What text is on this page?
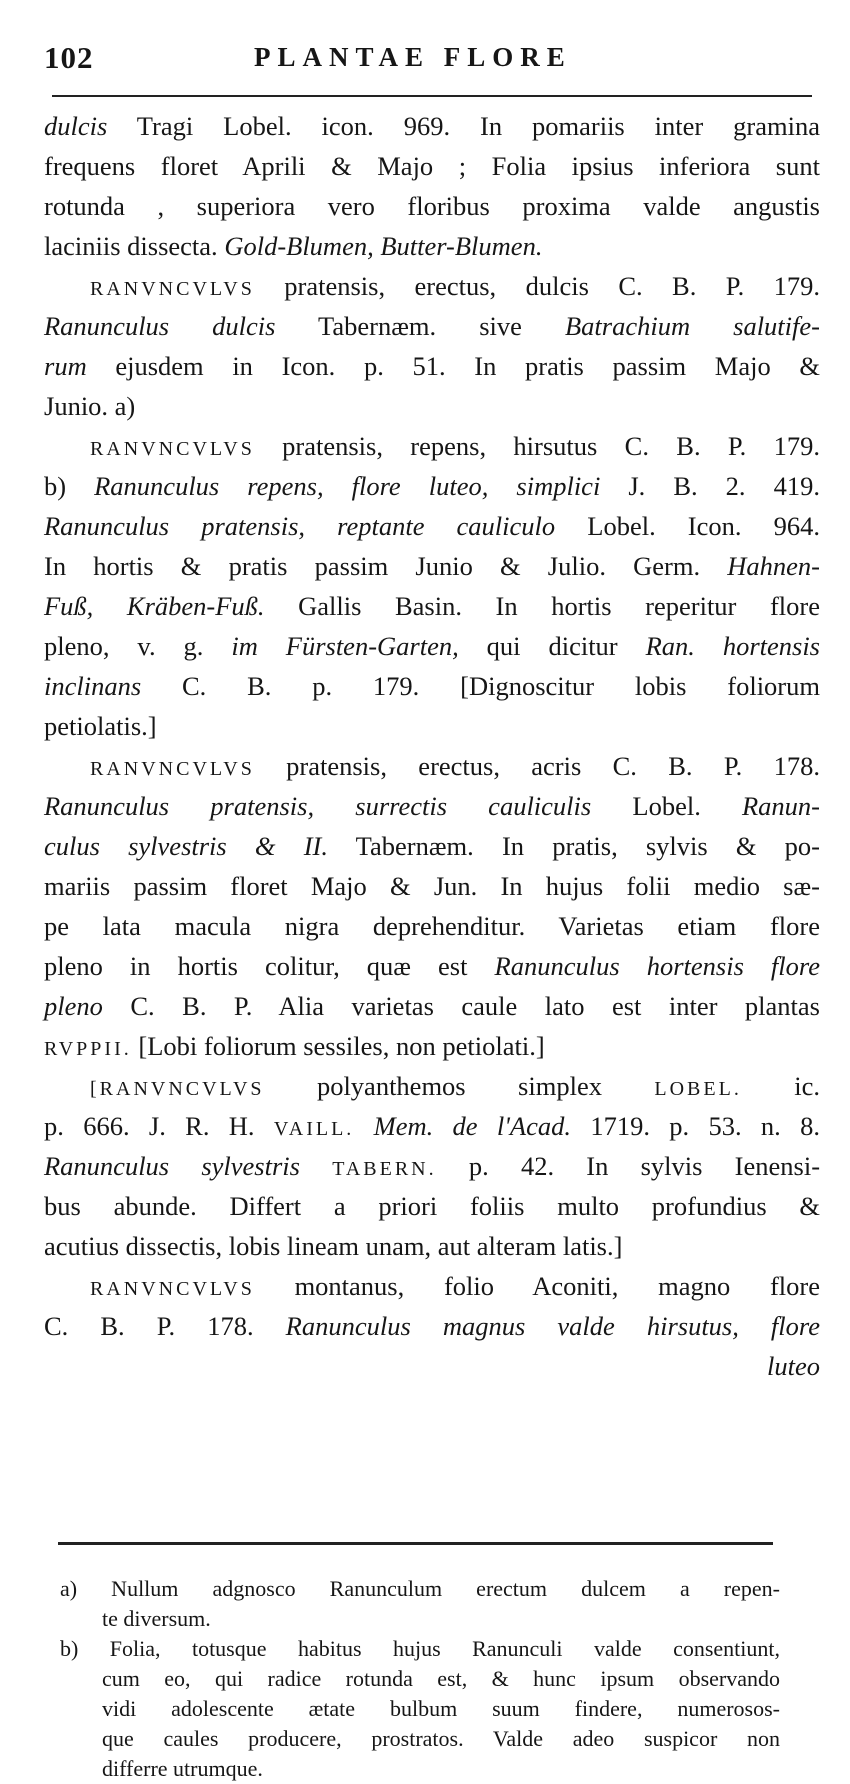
102	PLANTAE FLORE
dulcis Tragi Lobel. icon. 969. In pomariis inter gramina
frequens floret Aprili & Majo ; Folia ipsius inferiora sunt
rotunda , superiora vero floribus proxima valde angustis
laciniis dissecta. Gold-Blumen, Butter-Blumen.
RANVNCVLVS pratensis, erectus, dulcis C. B. P. 179.
Ranunculus dulcis Tabernæm. sive Batrachium salutife-
rum ejusdem in Icon. p. 51. In pratis passim Majo &
Junio. a)
RANVNCVLVS pratensis, repens, hirsutus C. B. P. 179.
b) Ranunculus repens, flore luteo, simplici J. B. 2. 419.
Ranunculus pratensis, reptante cauliculo Lobel. Icon. 964.
In hortis & pratis passim Junio & Julio. Germ. Hahnen-
Fuß, Kräben-Fuß. Gallis Basin. In hortis reperitur flore
pleno, v. g. im Fürsten-Garten, qui dicitur Ran. hortensis
inclinans C. B. p. 179. [Dignoscitur lobis foliorum
petiolatis.]
RANVNCVLVS pratensis, erectus, acris C. B. P. 178.
Ranunculus pratensis, surrectis cauliculis Lobel. Ranun-
culus sylvestris & II. Tabernæm. In pratis, sylvis & po-
mariis passim floret Majo & Jun. In hujus folii medio sæ-
pe lata macula nigra deprehenditur. Varietas etiam flore
pleno in hortis colitur, quæ est Ranunculus hortensis flore
pleno C. B. P. Alia varietas caule lato est inter plantas
RVPPII. [Lobi foliorum sessiles, non petiolati.]
[RANVNCVLVS polyanthemos simplex LOBEL. ic.
p. 666. J. R. H. VAILL. Mem. de l'Acad. 1719. p. 53. n. 8.
Ranunculus sylvestris TABERN. p. 42. In sylvis Ienensi-
bus abunde. Differt a priori foliis multo profundius &
acutius dissectis, lobis lineam unam, aut alteram latis.]
RANVNCVLVS montanus, folio Aconiti, magno flore
C. B. P. 178. Ranunculus magnus valde hirsutus, flore
luteo
a) Nullum adgnosco Ranunculum erectum dulcem a repen-
te diversum.
b) Folia, totusque habitus hujus Ranunculi valde consentiunt,
cum eo, qui radice rotunda est, & hunc ipsum observando
vidi adolescente ætate bulbum suum findere, numerosos-
que caules producere, prostratos. Valde adeo suspicor non
differre utrumque.
